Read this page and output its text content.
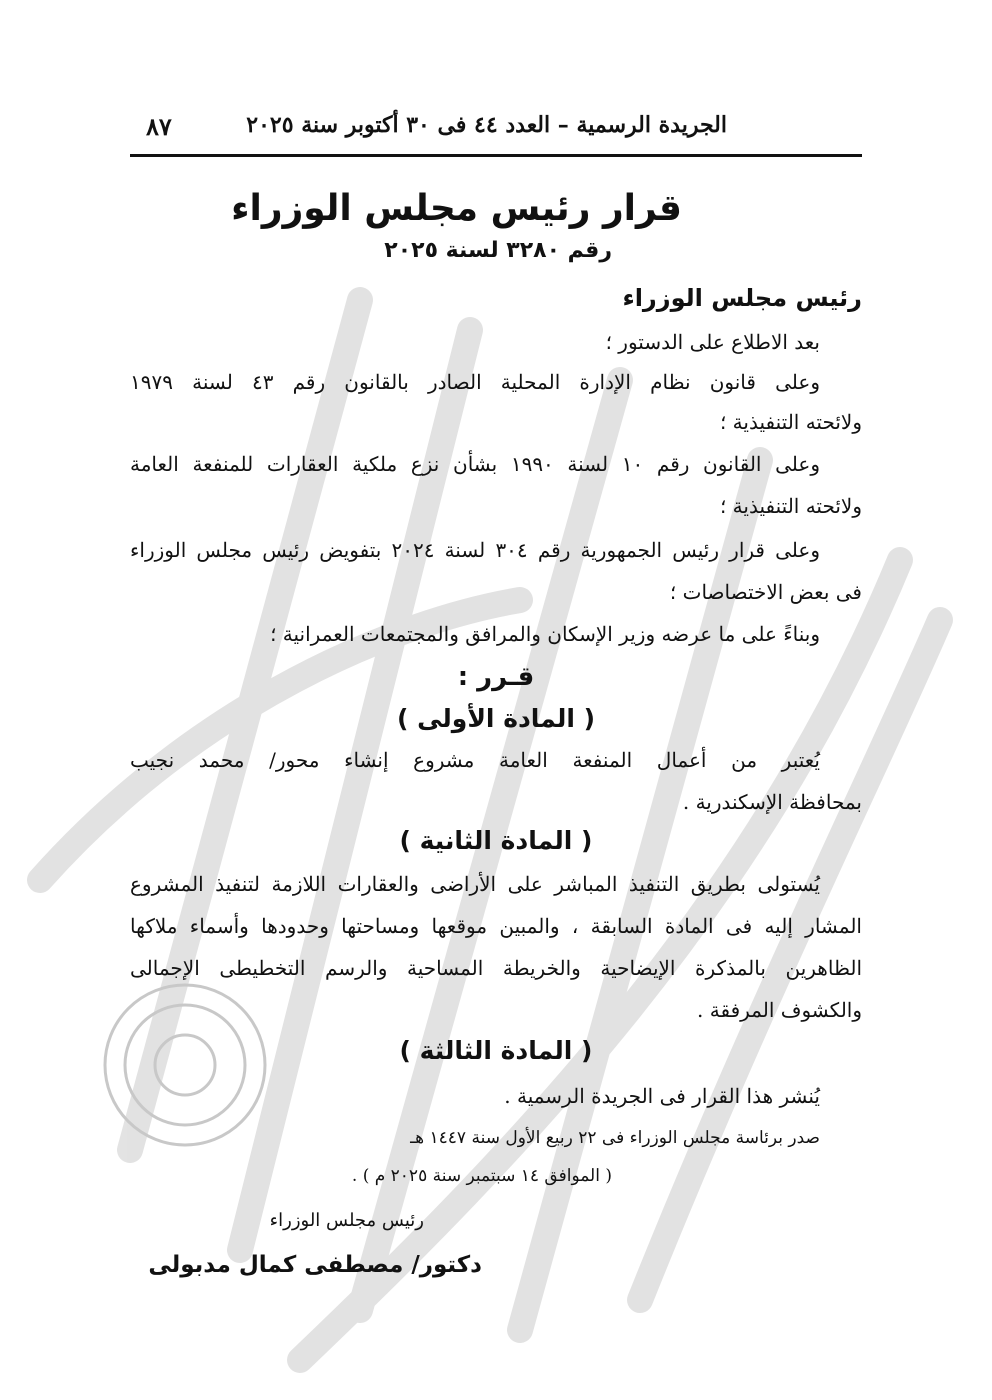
الجريدة الرسمية – العدد ٤٤ فى ٣٠ أكتوبر سنة ٢٠٢٥
٨٧
قرار رئيس مجلس الوزراء
رقم ٣٢٨٠ لسنة ٢٠٢٥
رئيس مجلس الوزراء
بعد الاطلاع على الدستور ؛
وعلى قانون نظام الإدارة المحلية الصادر بالقانون رقم ٤٣ لسنة ١٩٧٩
ولائحته التنفيذية ؛
وعلى القانون رقم ١٠ لسنة ١٩٩٠ بشأن نزع ملكية العقارات للمنفعة العامة
ولائحته التنفيذية ؛
وعلى قرار رئيس الجمهورية رقم ٣٠٤ لسنة ٢٠٢٤ بتفويض رئيس مجلس الوزراء
فى بعض الاختصاصات ؛
وبناءً على ما عرضه وزير الإسكان والمرافق والمجتمعات العمرانية ؛
قـرر :
( المادة الأولى )
يُعتبر من أعمال المنفعة العامة مشروع إنشاء محور/ محمد نجيب
بمحافظة الإسكندرية .
( المادة الثانية )
يُستولى بطريق التنفيذ المباشر على الأراضى والعقارات اللازمة لتنفيذ المشروع
المشار إليه فى المادة السابقة ، والمبين موقعها ومساحتها وحدودها وأسماء ملاكها
الظاهرين بالمذكرة الإيضاحية والخريطة المساحية والرسم التخطيطى الإجمالى
والكشوف المرفقة .
( المادة الثالثة )
يُنشر هذا القرار فى الجريدة الرسمية .
صدر برئاسة مجلس الوزراء فى ٢٢ ربيع الأول سنة ١٤٤٧ هـ
( الموافق ١٤ سبتمبر سنة ٢٠٢٥ م ) .
رئيس مجلس الوزراء
دكتور/ مصطفى كمال مدبولى
